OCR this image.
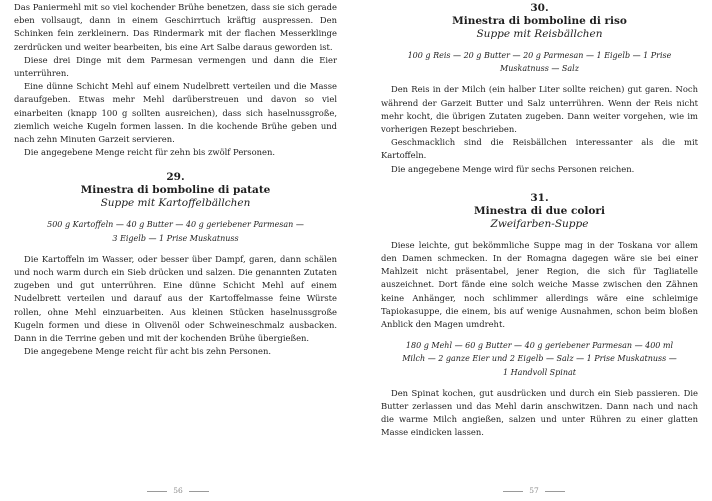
Das Paniermehl mit so viel kochender Brühe benetzen, dass sie sich gerade eben vollsaugt, dann in einem Geschirrtuch kräftig auspressen. Den Schinken fein zerkleinern. Das Rindermark mit der flachen Messerklinge zerdrücken und weiter bearbeiten, bis eine Art Salbe daraus geworden ist.

Diese drei Dinge mit dem Parmesan vermengen und dann die Eier unterrühren.

Eine dünne Schicht Mehl auf einem Nudelbrett verteilen und die Masse daraufgeben. Etwas mehr Mehl darüberstreuen und davon so viel einarbeiten (knapp 100 g sollten ausreichen), dass sich haselnussgroße, ziemlich weiche Kugeln formen lassen. In die kochende Brühe geben und nach zehn Minuten Garzeit servieren.

Die angegebene Menge reicht für zehn bis zwölf Personen.

29.
Minestra di bomboline di patate
Suppe mit Kartoffelbällchen
500 g Kartoffeln — 40 g Butter — 40 g geriebener Parmesan —
3 Eigelb — 1 Prise Muskatnuss

Die Kartoffeln im Wasser, oder besser über Dampf, garen, dann schälen und noch warm durch ein Sieb drücken und salzen. Die genannten Zutaten zugeben und gut unterrühren. Eine dünne Schicht Mehl auf einem Nudelbrett verteilen und darauf aus der Kartoffelmasse feine Würste rollen, ohne Mehl einzuarbeiten. Aus kleinen Stücken haselnussgroße Kugeln formen und diese in Olivenöl oder Schweineschmalz ausbacken. Dann in die Terrine geben und mit der kochenden Brühe übergießen.

Die angegebene Menge reicht für acht bis zehn Personen.

56
30.
Minestra di bomboline di riso
Suppe mit Reisbällchen
100 g Reis — 20 g Butter — 20 g Parmesan — 1 Eigelb — 1 Prise
Muskatnuss — Salz

Den Reis in der Milch (ein halber Liter sollte reichen) gut garen. Noch während der Garzeit Butter und Salz unterrühren. Wenn der Reis nicht mehr kocht, die übrigen Zutaten zugeben. Dann weiter vorgehen, wie im vorherigen Rezept beschrieben.

Geschmacklich sind die Reisbällchen interessanter als die mit Kartoffeln.

Die angegebene Menge wird für sechs Personen reichen.

31.
Minestra di due colori
Zweifarben-Suppe

Diese leichte, gut bekömmliche Suppe mag in der Toskana vor allem den Damen schmecken. In der Romagna dagegen wäre sie bei einer Mahlzeit nicht präsentabel, jener Region, die sich für Tagliatelle auszeichnet. Dort fände eine solch weiche Masse zwischen den Zähnen keine Anhänger, noch schlimmer allerdings wäre eine schleimige Tapiokasuppe, die einem, bis auf wenige Ausnahmen, schon beim bloßen Anblick den Magen umdreht.

180 g Mehl — 60 g Butter — 40 g geriebener Parmesan — 400 ml
Milch — 2 ganze Eier und 2 Eigelb — Salz — 1 Prise Muskatnuss —
1 Handvoll Spinat

Den Spinat kochen, gut ausdrücken und durch ein Sieb passieren. Die Butter zerlassen und das Mehl darin anschwitzen. Dann nach und nach die warme Milch angießen, salzen und unter Rühren zu einer glatten Masse eindicken lassen.

57
